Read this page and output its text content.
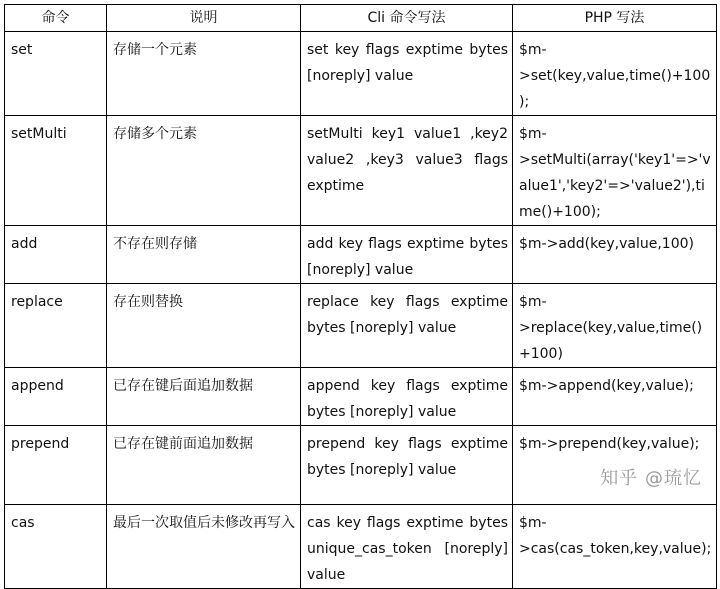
命令	说明	Cli 命令写法	PHP 写法
set	存储一个元素	set key flags exptime bytes [noreply] value	$m->set(key,value,time()+100);
setMulti	存储多个元素	setMulti key1 value1 ,key2 value2 ,key3 value3 flags exptime	$m->setMulti(array('key1'=>'value1','key2'=>'value2'),time()+100);
add	不存在则存储	add key flags exptime bytes [noreply] value	$m->add(key,value,100)
replace	存在则替换	replace key flags exptime bytes [noreply] value	$m->replace(key,value,time()+100)
append	已存在键后面追加数据	append key flags exptime bytes [noreply] value	$m->append(key,value);
prepend	已存在键前面追加数据	prepend key flags exptime bytes [noreply] value	$m->prepend(key,value);
cas	最后一次取值后未修改再写入	cas key flags exptime bytes unique_cas_token [noreply] value	$m->cas(cas_token,key,value);
知乎 @琉忆
